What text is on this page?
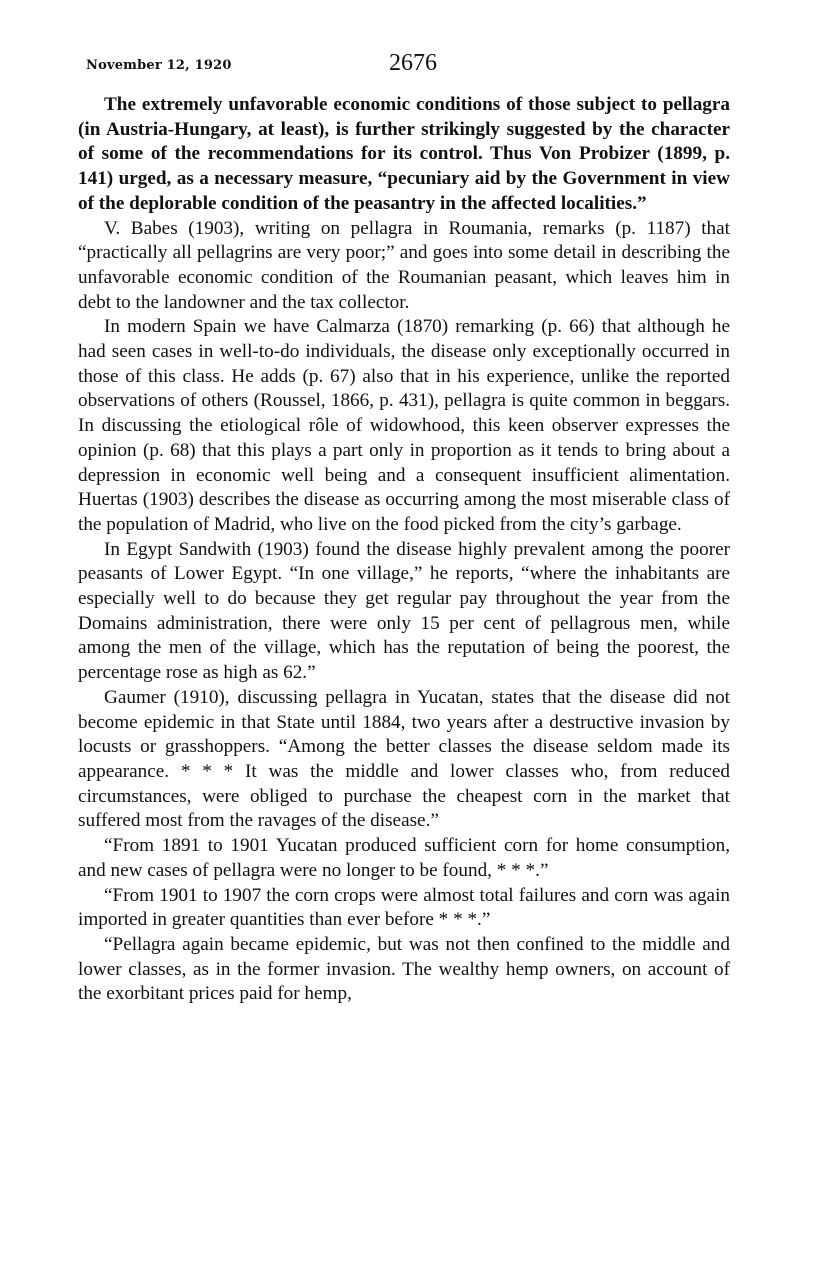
November 12, 1920	2676

The extremely unfavorable economic conditions of those subject to pellagra (in Austria-Hungary, at least), is further strikingly suggested by the character of some of the recommendations for its control. Thus Von Probizer (1899, p. 141) urged, as a necessary measure, “pecuniary aid by the Government in view of the deplorable condition of the peasantry in the affected localities.”

V. Babes (1903), writing on pellagra in Roumania, remarks (p. 1187) that “practically all pellagrins are very poor;” and goes into some detail in describing the unfavorable economic condition of the Roumanian peasant, which leaves him in debt to the landowner and the tax collector.

In modern Spain we have Calmarza (1870) remarking (p. 66) that although he had seen cases in well-to-do individuals, the disease only exceptionally occurred in those of this class. He adds (p. 67) also that in his experience, unlike the reported observations of others (Roussel, 1866, p. 431), pellagra is quite common in beggars. In discussing the etiological rôle of widowhood, this keen observer expresses the opinion (p. 68) that this plays a part only in proportion as it tends to bring about a depression in economic well being and a consequent insufficient alimentation. Huertas (1903) describes the disease as occurring among the most miserable class of the population of Madrid, who live on the food picked from the city’s garbage.

In Egypt Sandwith (1903) found the disease highly prevalent among the poorer peasants of Lower Egypt. “In one village,” he reports, “where the inhabitants are especially well to do because they get regular pay throughout the year from the Domains administration, there were only 15 per cent of pellagrous men, while among the men of the village, which has the reputation of being the poorest, the percentage rose as high as 62.”

Gaumer (1910), discussing pellagra in Yucatan, states that the disease did not become epidemic in that State until 1884, two years after a destructive invasion by locusts or grasshoppers. “Among the better classes the disease seldom made its appearance. * * * It was the middle and lower classes who, from reduced circumstances, were obliged to purchase the cheapest corn in the market that suffered most from the ravages of the disease.”

“From 1891 to 1901 Yucatan produced sufficient corn for home consumption, and new cases of pellagra were no longer to be found, * * *.”

“From 1901 to 1907 the corn crops were almost total failures and corn was again imported in greater quantities than ever before * * *.”

“Pellagra again became epidemic, but was not then confined to the middle and lower classes, as in the former invasion. The wealthy hemp owners, on account of the exorbitant prices paid for hemp,
